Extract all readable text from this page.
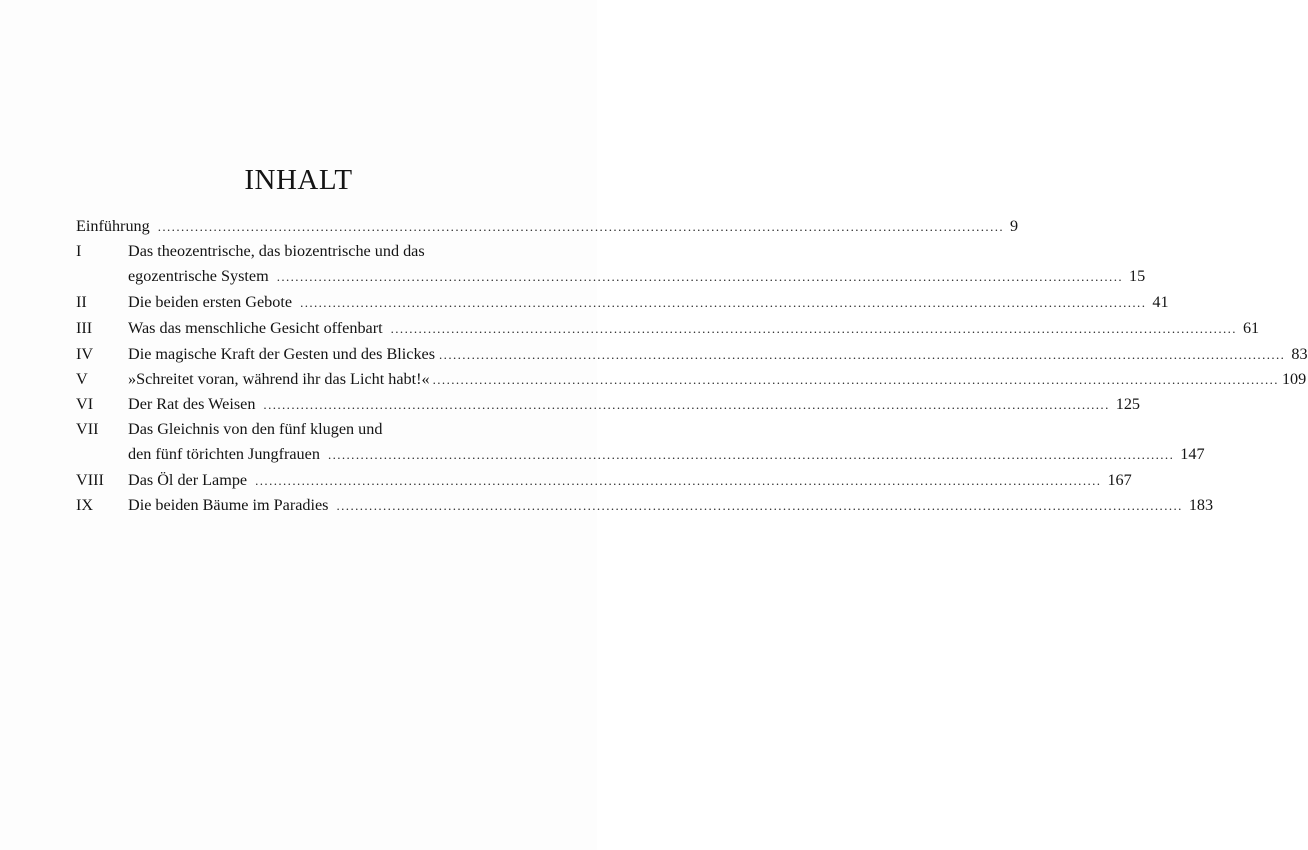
INHALT
Einführung ...................................................................................................................................................................................... 9
I	Das theozentrische, das biozentrische und das
egozentrische System ...................................................................................................................................................................................... 15
II	Die beiden ersten Gebote ...................................................................................................................................................................................... 41
III Was das menschliche Gesicht offenbart ...................................................................................................................................................................................... 61
IV Die magische Kraft der Gesten und des Blickes ...................................................................................................................................................................................... 83
V »Schreitet voran, während ihr das Licht habt!« ...................................................................................................................................................................................... 109
VI Der Rat des Weisen ...................................................................................................................................................................................... 125
VII Das Gleichnis von den fünf klugen und
den fünf törichten Jungfrauen ...................................................................................................................................................................................... 147
VIII Das Öl der Lampe ...................................................................................................................................................................................... 167
IX Die beiden Bäume im Paradies ...................................................................................................................................................................................... 183
